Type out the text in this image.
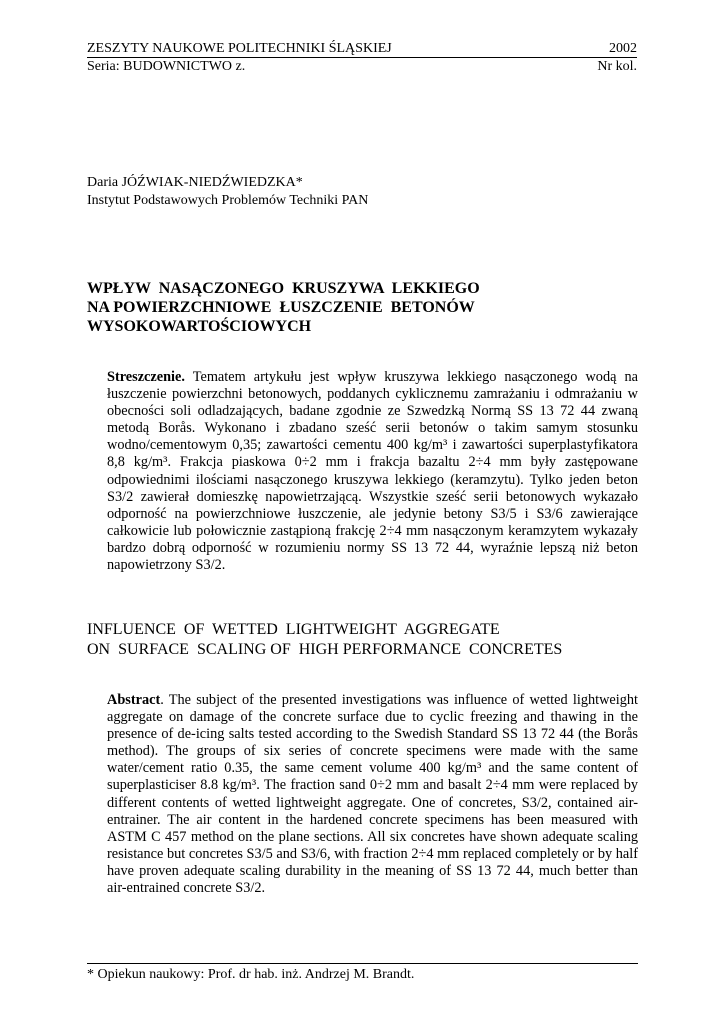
ZESZYTY NAUKOWE POLITECHNIKI ŚLĄSKIEJ	2002
Seria: BUDOWNICTWO z.	Nr kol.
Daria JÓŹWIAK-NIEDŹWIEDZKA*
Instytut Podstawowych Problemów Techniki PAN
WPŁYW  NASĄCZONEGO  KRUSZYWA  LEKKIEGO
NA POWIERZCHNIOWE  ŁUSZCZENIE  BETONÓW
WYSOKOWARTOŚCIOWYCH

Streszczenie. Tematem artykułu jest wpływ kruszywa lekkiego nasączonego wodą na łuszczenie powierzchni betonowych, poddanych cyklicznemu zamrażaniu i odmrażaniu w obecności soli odladzających, badane zgodnie ze Szwedzką Normą SS 13 72 44 zwaną metodą Borås. Wykonano i zbadano sześć serii betonów o takim samym stosunku wodno/cementowym 0,35; zawartości cementu 400 kg/m³ i zawartości superplastyfikatora 8,8 kg/m³. Frakcja piaskowa 0÷2 mm i frakcja bazaltu 2÷4 mm były zastępowane odpowiednimi ilościami nasączonego kruszywa lekkiego (keramzytu). Tylko jeden beton S3/2 zawierał domieszkę napowietrzającą. Wszystkie sześć serii betonowych wykazało odporność na powierzchniowe łuszczenie, ale jedynie betony S3/5 i S3/6 zawierające całkowicie lub połowicznie zastąpioną frakcję 2÷4 mm nasączonym keramzytem wykazały bardzo dobrą odporność w rozumieniu normy SS 13 72 44, wyraźnie lepszą niż beton napowietrzony S3/2.

INFLUENCE  OF  WETTED  LIGHTWEIGHT  AGGREGATE
ON  SURFACE  SCALING OF  HIGH PERFORMANCE  CONCRETES

Abstract. The subject of the presented investigations was influence of wetted lightweight aggregate on damage of the concrete surface due to cyclic freezing and thawing in the presence of de-icing salts tested according to the Swedish Standard SS 13 72 44 (the Borås method). The groups of six series of concrete specimens were made with the same water/cement ratio 0.35, the same cement volume 400 kg/m³ and the same content of superplasticiser 8.8 kg/m³. The fraction sand 0÷2 mm and basalt 2÷4 mm were replaced by different contents of wetted lightweight aggregate. One of concretes, S3/2, contained air-entrainer. The air content in the hardened concrete specimens has been measured with ASTM C 457 method on the plane sections. All six concretes have shown adequate scaling resistance but concretes S3/5 and S3/6, with fraction 2÷4 mm replaced completely or by half have proven adequate scaling durability in the meaning of SS 13 72 44, much better than air-entrained concrete S3/2.

* Opiekun naukowy: Prof. dr hab. inż. Andrzej M. Brandt.
